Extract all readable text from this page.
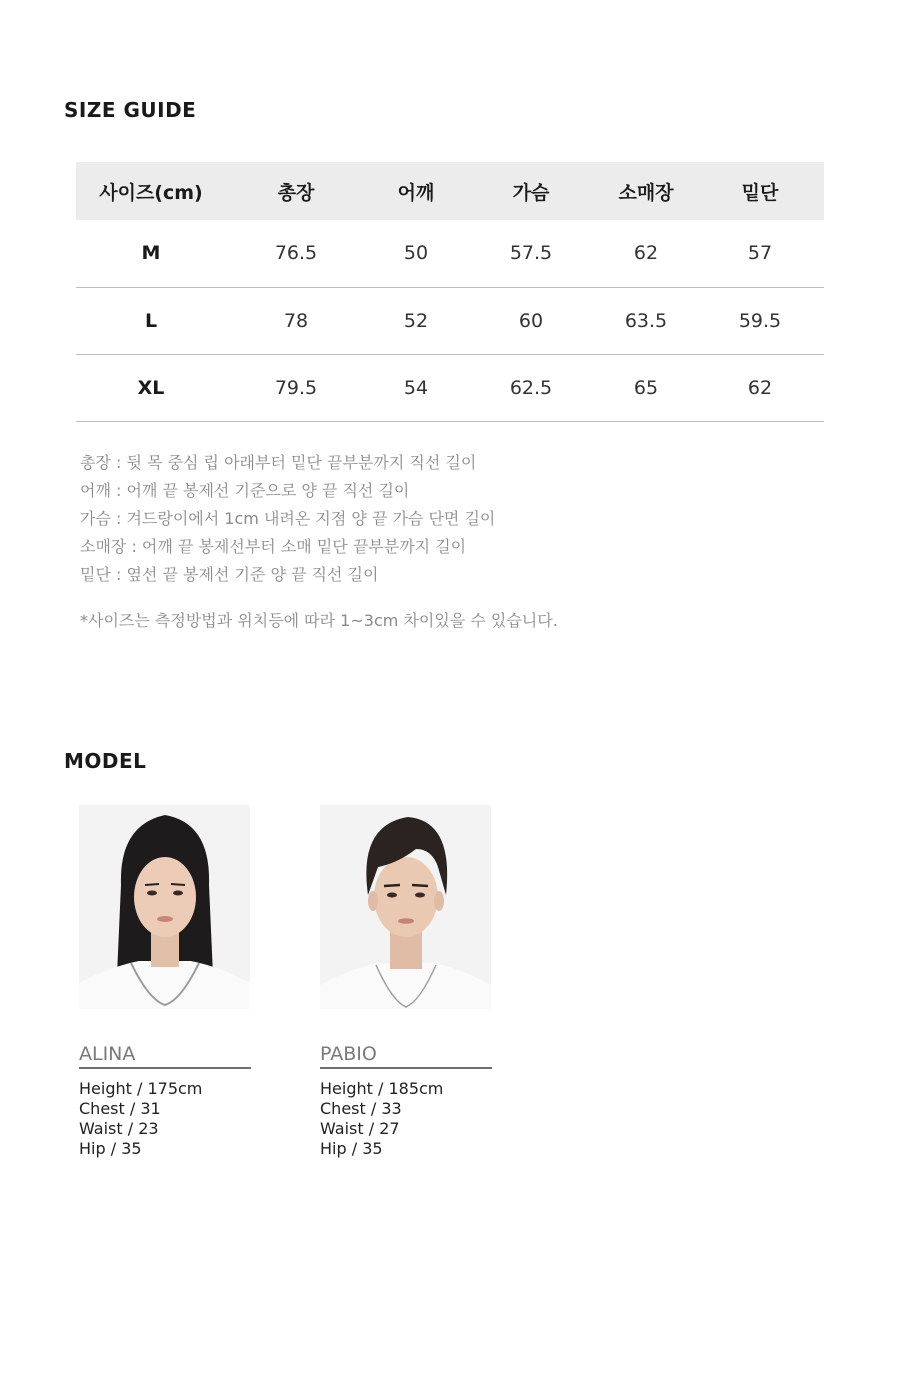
SIZE GUIDE
사이즈(cm)	총장	어깨	가슴	소매장	밑단
M	76.5	50	57.5	62	57
L	78	52	60	63.5	59.5
XL	79.5	54	62.5	65	62
총장 : 뒷 목 중심 립 아래부터 밑단 끝부분까지 직선 길이
어깨 : 어깨 끝 봉제선 기준으로 양 끝 직선 길이
가슴 : 겨드랑이에서 1cm 내려온 지점 양 끝 가슴 단면 길이
소매장 : 어깨 끝 봉제선부터 소매 밑단 끝부분까지 길이
밑단 : 옆선 끝 봉제선 기준 양 끝 직선 길이
*사이즈는 측정방법과 위치등에 따라 1~3cm 차이있을 수 있습니다.
MODEL
ALINA
Height / 175cm
Chest / 31
Waist / 23
Hip / 35
PABIO
Height / 185cm
Chest / 33
Waist / 27
Hip / 35
